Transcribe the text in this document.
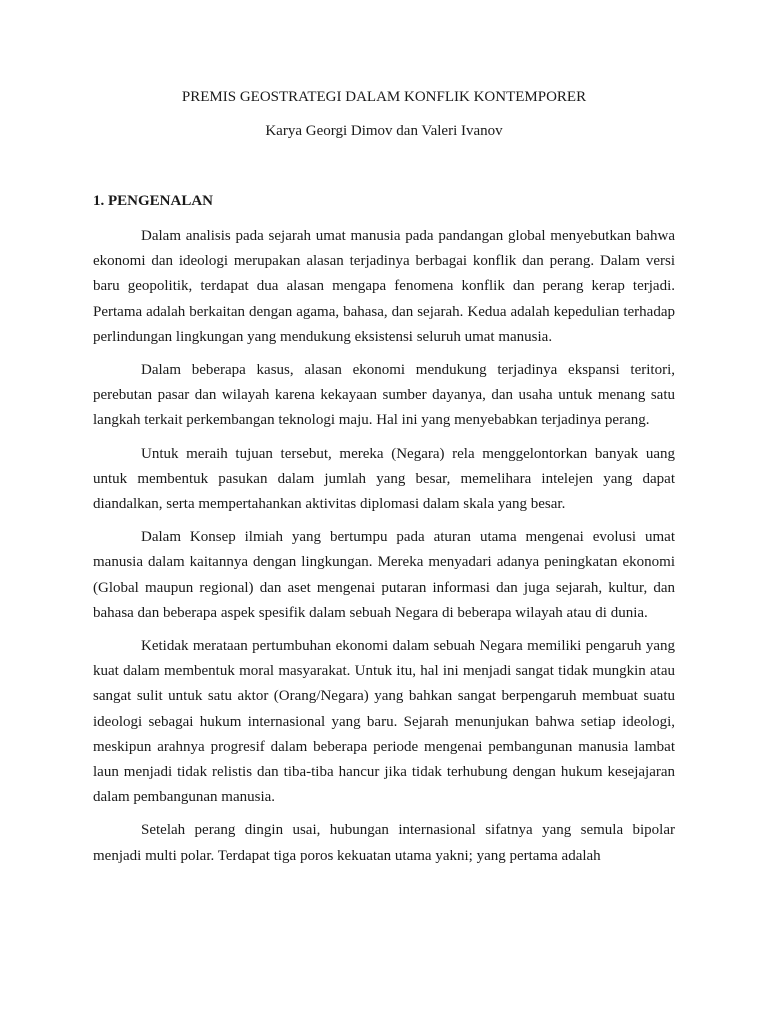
PREMIS GEOSTRATEGI DALAM KONFLIK KONTEMPORER

Karya Georgi Dimov dan Valeri Ivanov

1. PENGENALAN

Dalam analisis pada sejarah umat manusia pada pandangan global menyebutkan bahwa ekonomi dan ideologi merupakan alasan terjadinya berbagai konflik dan perang. Dalam versi baru geopolitik, terdapat dua alasan mengapa fenomena konflik dan perang kerap terjadi. Pertama adalah berkaitan dengan agama, bahasa, dan sejarah. Kedua adalah kepedulian terhadap perlindungan lingkungan yang mendukung eksistensi seluruh umat manusia.

Dalam beberapa kasus, alasan ekonomi mendukung terjadinya ekspansi teritori, perebutan pasar dan wilayah karena kekayaan sumber dayanya, dan usaha untuk menang satu langkah terkait perkembangan teknologi maju. Hal ini yang menyebabkan terjadinya perang.

Untuk meraih tujuan tersebut, mereka (Negara) rela menggelontorkan banyak uang untuk membentuk pasukan dalam jumlah yang besar, memelihara intelejen yang dapat diandalkan, serta mempertahankan aktivitas diplomasi dalam skala yang besar.

Dalam Konsep ilmiah yang bertumpu pada aturan utama mengenai evolusi umat manusia dalam kaitannya dengan lingkungan. Mereka menyadari adanya peningkatan ekonomi (Global maupun regional) dan aset mengenai putaran informasi dan juga sejarah, kultur, dan bahasa dan beberapa aspek spesifik dalam sebuah Negara di beberapa wilayah atau di dunia.

Ketidak merataan pertumbuhan ekonomi dalam sebuah Negara memiliki pengaruh yang kuat dalam membentuk moral masyarakat. Untuk itu, hal ini menjadi sangat tidak mungkin atau sangat sulit untuk satu aktor (Orang/Negara) yang bahkan sangat berpengaruh membuat suatu ideologi sebagai hukum internasional yang baru. Sejarah menunjukan bahwa setiap ideologi, meskipun arahnya progresif dalam beberapa periode mengenai pembangunan manusia lambat laun menjadi tidak relistis dan tiba-tiba hancur jika tidak terhubung dengan hukum kesejajaran dalam pembangunan manusia.

Setelah perang dingin usai, hubungan internasional sifatnya yang semula bipolar menjadi multi polar. Terdapat tiga poros kekuatan utama yakni; yang pertama adalah
